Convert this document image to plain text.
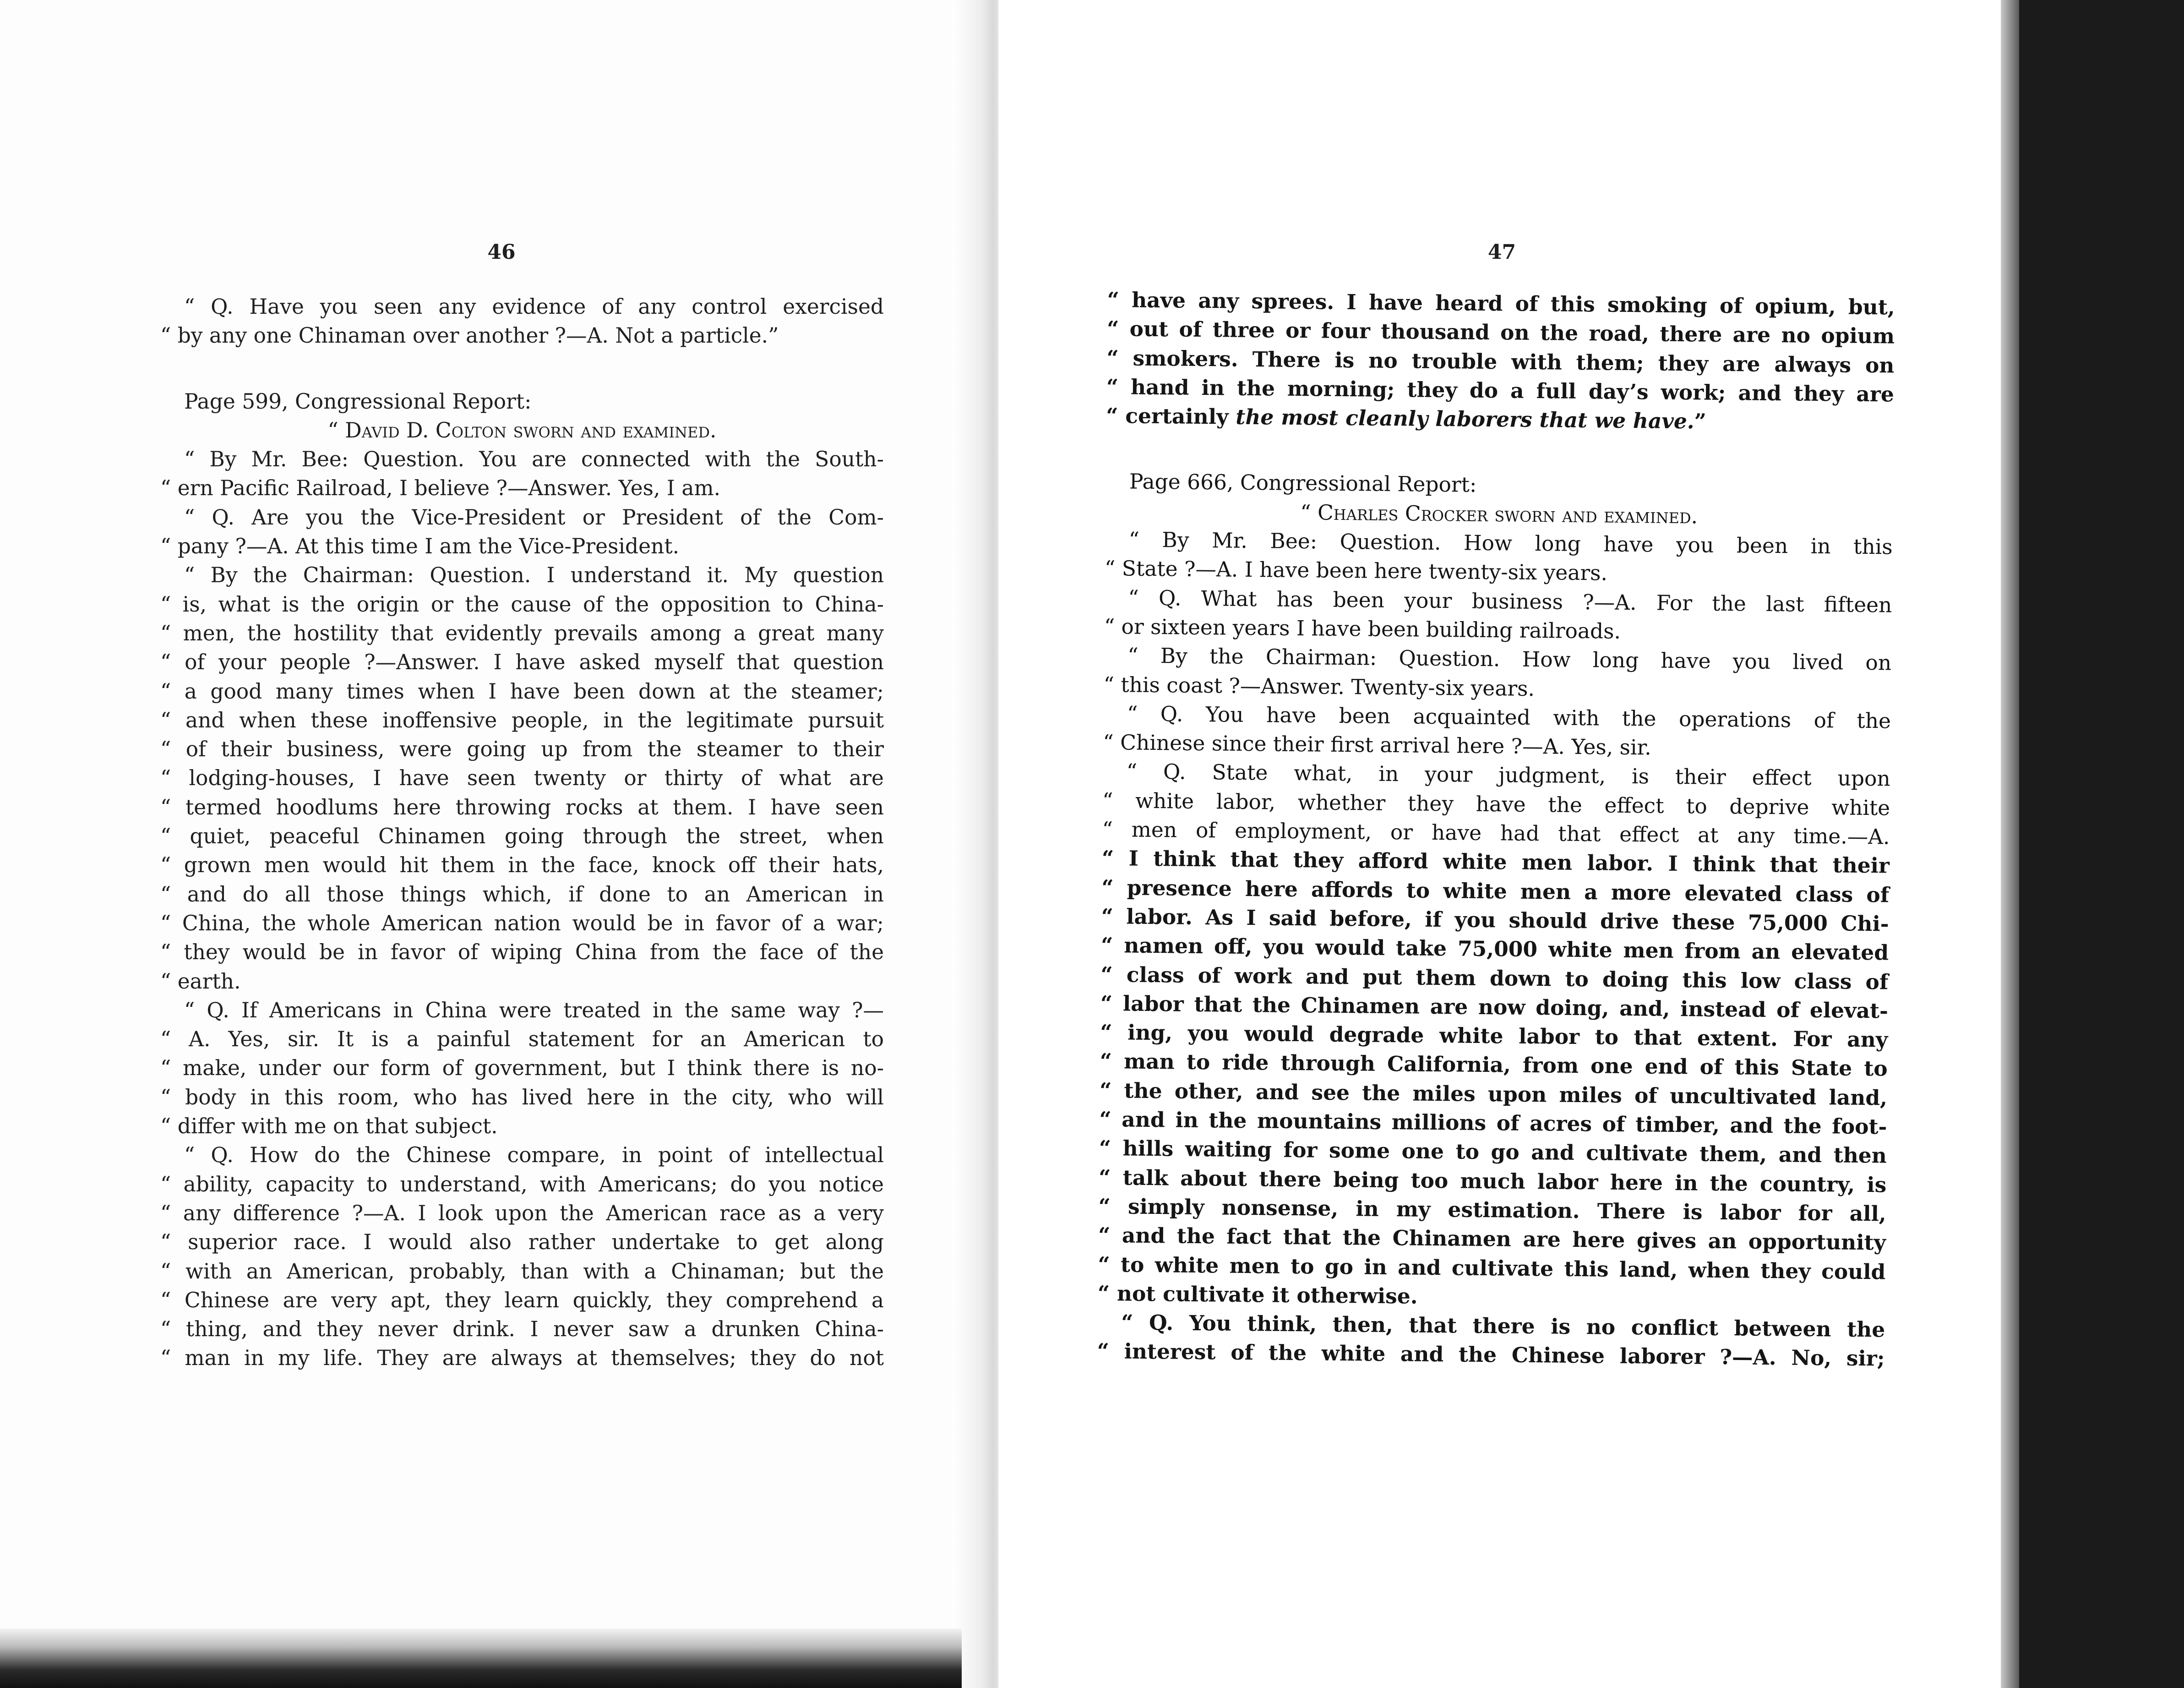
46
“ Q. Have you seen any evidence of any control exercised
“ by any one Chinaman over another ?—A. Not a particle.”
Page 599, Congressional Report:
“ David D. Colton sworn and examined.
“ By Mr. Bee: Question. You are connected with the South-
“ ern Pacific Railroad, I believe ?—Answer. Yes, I am.
“ Q. Are you the Vice-President or President of the Com-
“ pany ?—A. At this time I am the Vice-President.
“ By the Chairman: Question. I understand it. My question
“ is, what is the origin or the cause of the opposition to China-
“ men, the hostility that evidently prevails among a great many
“ of your people ?—Answer. I have asked myself that question
“ a good many times when I have been down at the steamer;
“ and when these inoffensive people, in the legitimate pursuit
“ of their business, were going up from the steamer to their
“ lodging-houses, I have seen twenty or thirty of what are
“ termed hoodlums here throwing rocks at them. I have seen
“ quiet, peaceful Chinamen going through the street, when
“ grown men would hit them in the face, knock off their hats,
“ and do all those things which, if done to an American in
“ China, the whole American nation would be in favor of a war;
“ they would be in favor of wiping China from the face of the
“ earth.
“ Q. If Americans in China were treated in the same way ?—
“ A. Yes, sir. It is a painful statement for an American to
“ make, under our form of government, but I think there is no-
“ body in this room, who has lived here in the city, who will
“ differ with me on that subject.
“ Q. How do the Chinese compare, in point of intellectual
“ ability, capacity to understand, with Americans; do you notice
“ any difference ?—A. I look upon the American race as a very
“ superior race. I would also rather undertake to get along
“ with an American, probably, than with a Chinaman; but the
“ Chinese are very apt, they learn quickly, they comprehend a
“ thing, and they never drink. I never saw a drunken China-
“ man in my life. They are always at themselves; they do not
47
“ have any sprees. I have heard of this smoking of opium, but,
“ out of three or four thousand on the road, there are no opium
“ smokers. There is no trouble with them; they are always on
“ hand in the morning; they do a full day’s work; and they are
“ certainly the most cleanly laborers that we have.”
Page 666, Congressional Report:
“ Charles Crocker sworn and examined.
“ By Mr. Bee: Question. How long have you been in this
“ State ?—A. I have been here twenty-six years.
“ Q. What has been your business ?—A. For the last fifteen
“ or sixteen years I have been building railroads.
“ By the Chairman: Question. How long have you lived on
“ this coast ?—Answer. Twenty-six years.
“ Q. You have been acquainted with the operations of the
“ Chinese since their first arrival here ?—A. Yes, sir.
“ Q. State what, in your judgment, is their effect upon
“ white labor, whether they have the effect to deprive white
“ men of employment, or have had that effect at any time.—A.
“ I think that they afford white men labor. I think that their
“ presence here affords to white men a more elevated class of
“ labor. As I said before, if you should drive these 75,000 Chi-
“ namen off, you would take 75,000 white men from an elevated
“ class of work and put them down to doing this low class of
“ labor that the Chinamen are now doing, and, instead of elevat-
“ ing, you would degrade white labor to that extent. For any
“ man to ride through California, from one end of this State to
“ the other, and see the miles upon miles of uncultivated land,
“ and in the mountains millions of acres of timber, and the foot-
“ hills waiting for some one to go and cultivate them, and then
“ talk about there being too much labor here in the country, is
“ simply nonsense, in my estimation. There is labor for all,
“ and the fact that the Chinamen are here gives an opportunity
“ to white men to go in and cultivate this land, when they could
“ not cultivate it otherwise.
“ Q. You think, then, that there is no conflict between the
“ interest of the white and the Chinese laborer ?—A. No, sir;
